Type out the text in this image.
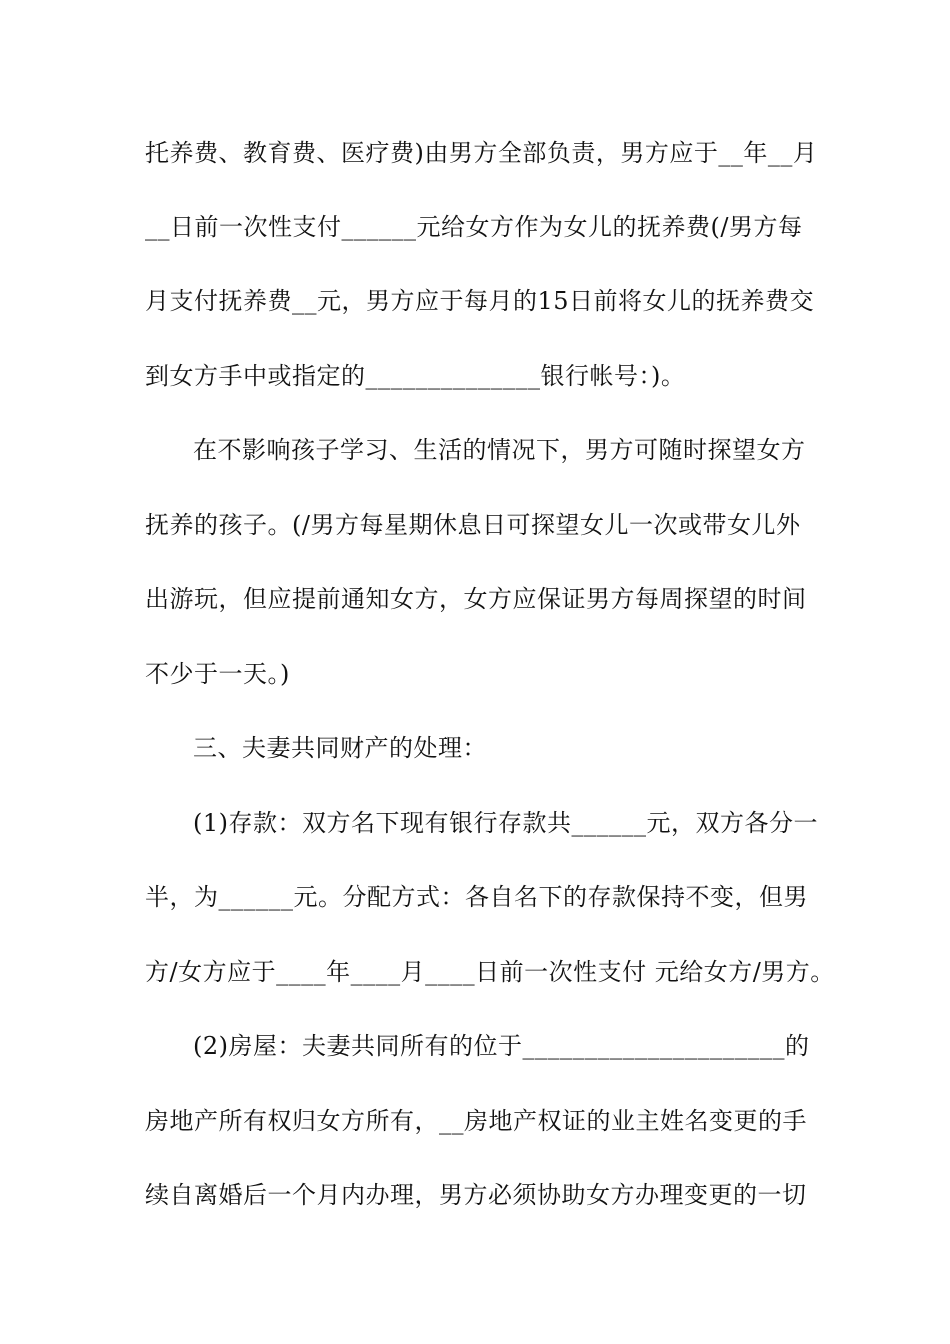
托养费、教育费、医疗费)由男方全部负责，男方应于__年__月
__日前一次性支付______元给女方作为女儿的抚养费(/男方每
月支付抚养费__元，男方应于每月的15日前将女儿的抚养费交
到女方手中或指定的______________银行帐号：)。
在不影响孩子学习、生活的情况下，男方可随时探望女方
抚养的孩子。(/男方每星期休息日可探望女儿一次或带女儿外
出游玩，但应提前通知女方，女方应保证男方每周探望的时间
不少于一天。)
三、夫妻共同财产的处理：
(1)存款：双方名下现有银行存款共______元，双方各分一
半，为______元。分配方式：各自名下的存款保持不变，但男
方/女方应于____年____月____日前一次性支付 元给女方/男方。
(2)房屋：夫妻共同所有的位于_____________________的
房地产所有权归女方所有，__房地产权证的业主姓名变更的手
续自离婚后一个月内办理，男方必须协助女方办理变更的一切
